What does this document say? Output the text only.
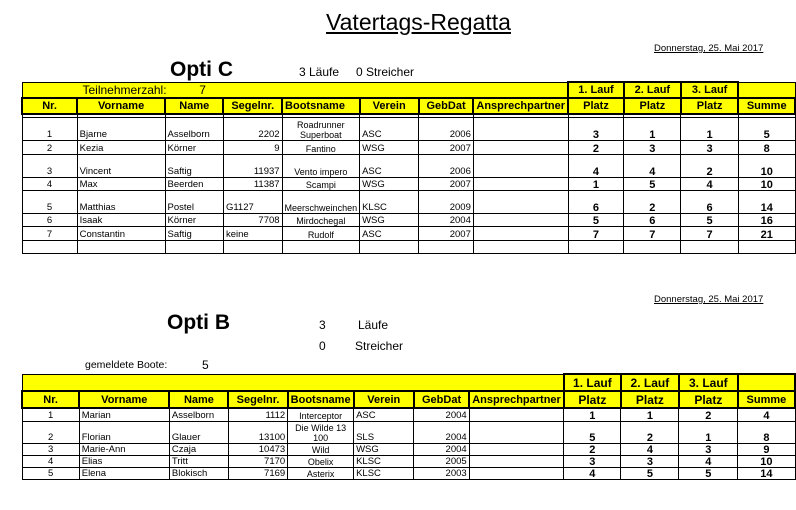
Vatertags-Regatta
Donnerstag, 25. Mai 2017
Opti C	3 Läufe 0 Streicher
Teilnehmerzahl: 7								1. Lauf	2. Lauf	3. Lauf	
Nr.	Vorname	Name	Segelnr.	Bootsname	Verein	GebDat	Ansprechpartner	Platz	Platz	Platz	Summe

1	Bjarne	Asselborn	2202	Roadrunner Superboat	ASC	2006		3	1	1	5
2	Kezia	Körner	9	Fantino	WSG	2007		2	3	3	8
3	Vincent	Saftig	11937	Vento impero	ASC	2006		4	4	2	10
4	Max	Beerden	11387	Scampi	WSG	2007		1	5	4	10
5	Matthias	Postel	G1127	Meerschweinchen	KLSC	2009		6	2	6	14
6	Isaak	Körner	7708	Mirdochegal	WSG	2004		5	6	5	16
7	Constantin	Saftig	keine	Rudolf	ASC	2007		7	7	7	21

Donnerstag, 25. Mai 2017
Opti B	3	Läufe
0 Streicher
gemeldete Boote:	5
								1. Lauf	2. Lauf	3. Lauf	
Nr.	Vorname	Name	Segelnr.	Bootsname	Verein	GebDat	Ansprechpartner	Platz	Platz	Platz	Summe
1	Marian	Asselborn	1112	Interceptor	ASC	2004		1	1	2	4
2	Florian	Glauer	13100	Die Wilde 13 100	SLS	2004		5	2	1	8
3	Marie-Ann	Czaja	10473	Wild	WSG	2004		2	4	3	9
4	Elias	Tritt	7170	Obelix	KLSC	2005		3	3	4	10
5	Elena	Blokisch	7169	Asterix	KLSC	2003		4	5	5	14
